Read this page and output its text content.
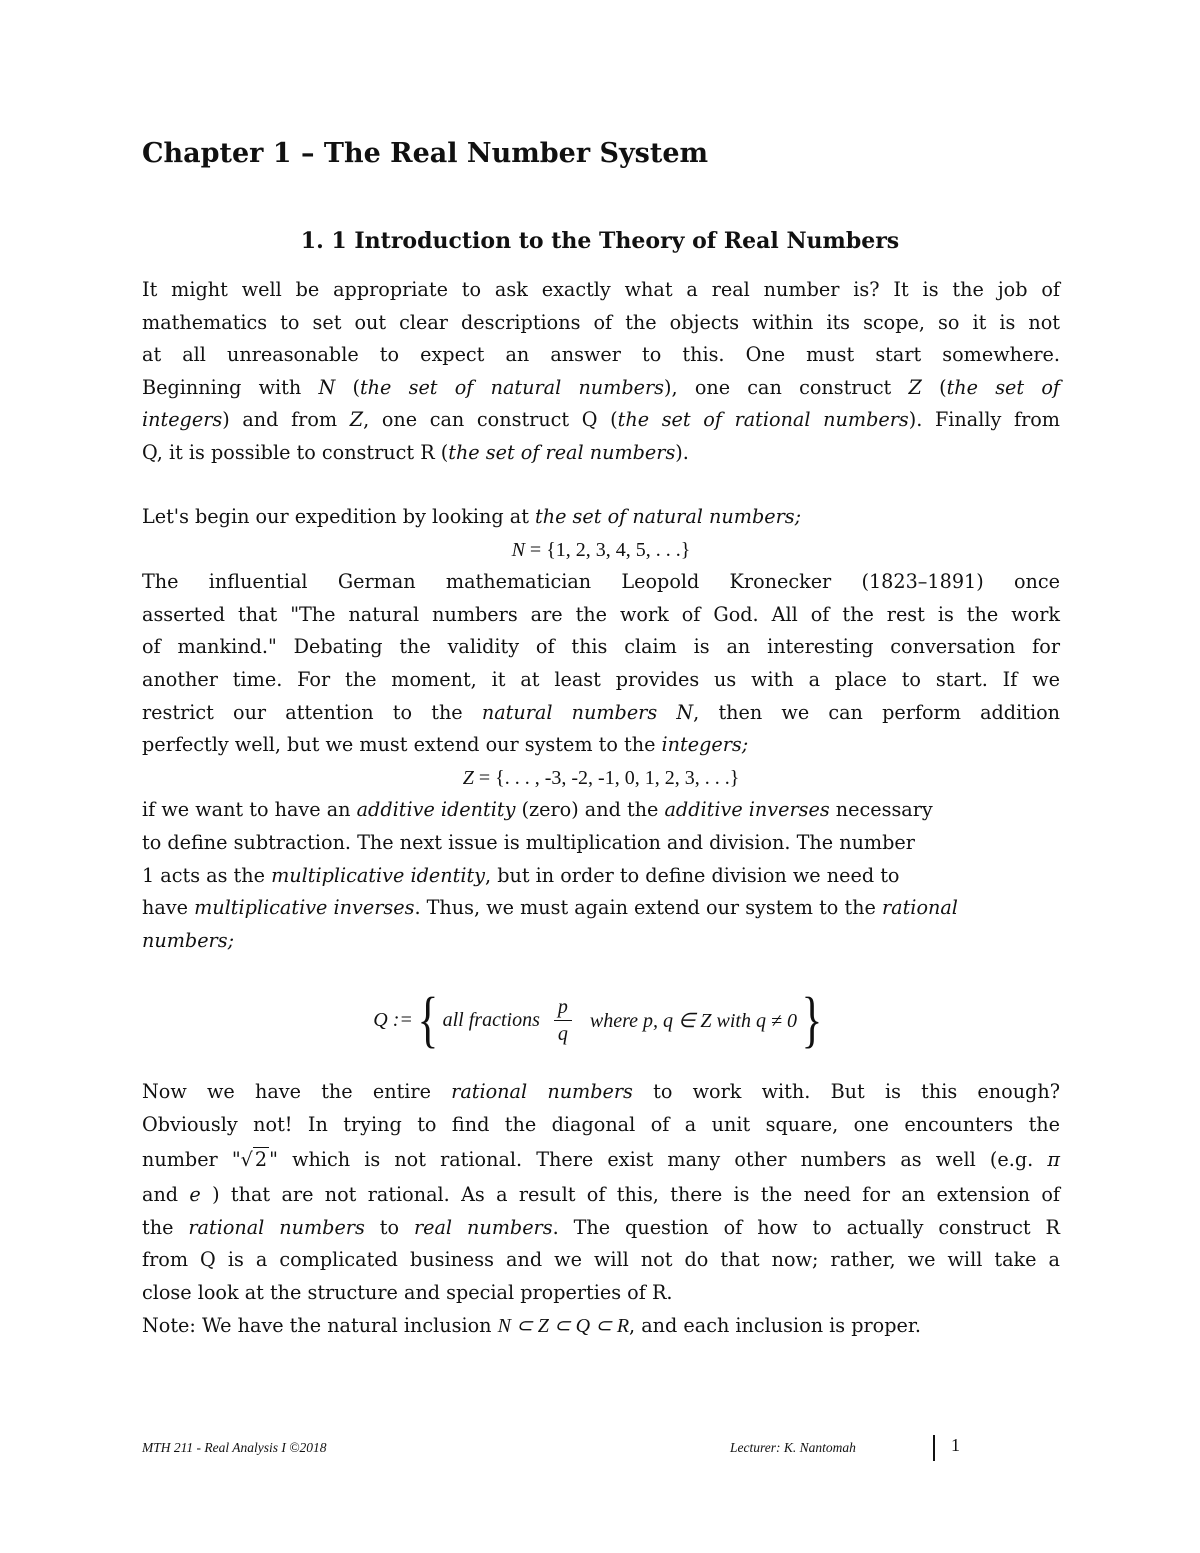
Chapter 1 – The Real Number System
1. 1 Introduction to the Theory of Real Numbers
It might well be appropriate to ask exactly what a real number is? It is the job of
mathematics to set out clear descriptions of the objects within its scope, so it is not
at all unreasonable to expect an answer to this. One must start somewhere.
Beginning with N (the set of natural numbers), one can construct Z (the set of
integers) and from Z, one can construct Q (the set of rational numbers). Finally from
Q, it is possible to construct R (the set of real numbers).
Let's begin our expedition by looking at the set of natural numbers;
N = {1, 2, 3, 4, 5, . . .}
The influential German mathematician Leopold Kronecker (1823–1891) once
asserted that "The natural numbers are the work of God. All of the rest is the work
of mankind." Debating the validity of this claim is an interesting conversation for
another time. For the moment, it at least provides us with a place to start. If we
restrict our attention to the natural numbers N, then we can perform addition
perfectly well, but we must extend our system to the integers;
Z = {. . . , -3, -2, -1, 0, 1, 2, 3, . . .}
if we want to have an additive identity (zero) and the additive inverses necessary
to define subtraction. The next issue is multiplication and division. The number
1 acts as the multiplicative identity, but in order to define division we need to
have multiplicative inverses. Thus, we must again extend our system to the rational
numbers;
Q := { all fractions $\frac{p}{q}$ where p, q ∈ Z with q ≠ 0 }
Now we have the entire rational numbers to work with. But is this enough?
Obviously not! In trying to find the diagonal of a unit square, one encounters the
number "√ 2 " which is not rational. There exist many other numbers as well (e.g. π
and e ) that are not rational. As a result of this, there is the need for an extension of
the rational numbers to real numbers. The question of how to actually construct R
from Q is a complicated business and we will not do that now; rather, we will take a
close look at the structure and special properties of R.
Note: We have the natural inclusion N ⊂ Z ⊂ Q ⊂ R, and each inclusion is proper.
MTH 211 - Real Analysis I ©2018	Lecturer: K. Nantomah	1
